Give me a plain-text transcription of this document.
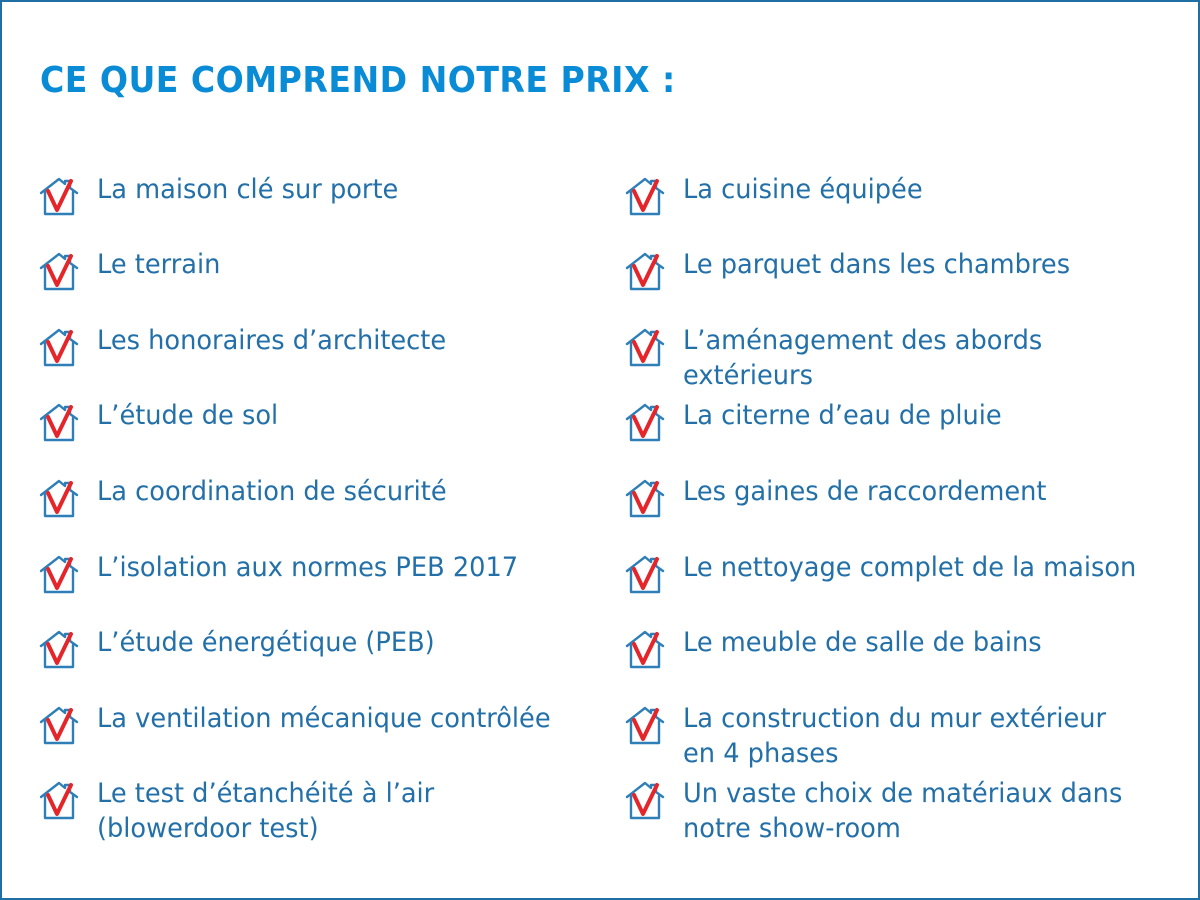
CE QUE COMPREND NOTRE PRIX :
La maison clé sur porte
Le terrain
Les honoraires d’architecte
L’étude de sol
La coordination de sécurité
L’isolation aux normes PEB 2017
L’étude énergétique (PEB)
La ventilation mécanique contrôlée
Le test d’étanchéité à l’air
(blowerdoor test)
La cuisine équipée
Le parquet dans les chambres
L’aménagement des abords extérieurs
La citerne d’eau de pluie
Les gaines de raccordement
Le nettoyage complet de la maison
Le meuble de salle de bains
La construction du mur extérieur
en 4 phases
Un vaste choix de matériaux dans
notre show-room
